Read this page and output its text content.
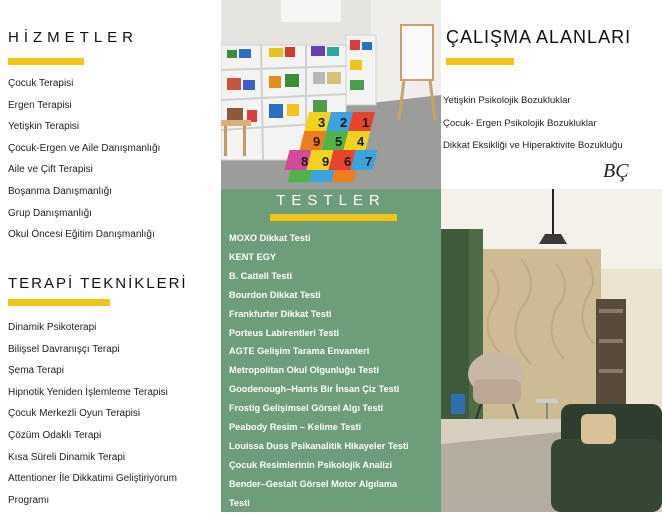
HİZMETLER
Çocuk Terapisi
Ergen Terapisi
Yetişkin Terapisi
Çocuk-Ergen ve Aile Danışmanlığı
Aile ve Çift Terapisi
Boşanma Danışmanlığı
Grup Danışmanlığı
Okul Öncesi Eğitim Danışmanlığı
TERAPİ TEKNİKLERİ
Dinamik Psikoterapi
Bilişsel Davranışçı Terapi
Şema Terapi
Hipnotik Yeniden İşlemleme Terapisi
Çocuk Merkezli Oyun Terapisi
Çözüm Odaklı Terapi
Kısa Süreli Dinamik Terapi
Attentioner İle Dikkatimi Geliştiriyorum
Programı
3 2 1
9 5 4
8 9 6 7
TESTLER
MOXO Dikkat Testi
KENT EGY
B. Cattell Testi
Bourdon Dikkat Testi
Frankfurter Dikkat Testi
Porteus Labirentleri Testi
AGTE Gelişim Tarama Envanteri
Metropolitan Okul Olgunluğu Testi
Goodenough–Harris Bir İnsan Çiz Testi
Frostig Gelişimsel Görsel Algı Testi
Peabody Resim – Kelime Testi
Louissa Duss Psikanalitik Hikayeler Testi
Çocuk Resimlerinin Psikolojik Analizi
Bender–Gestalt Görsel Motor Algılama
Testi
ÇALIŞMA ALANLARI
Yetişkin Psikolojik Bozukluklar
Çocuk- Ergen Psikolojik Bozukluklar
Dikkat Eksikliği ve Hiperaktivite Bozukluğu
BÇ
